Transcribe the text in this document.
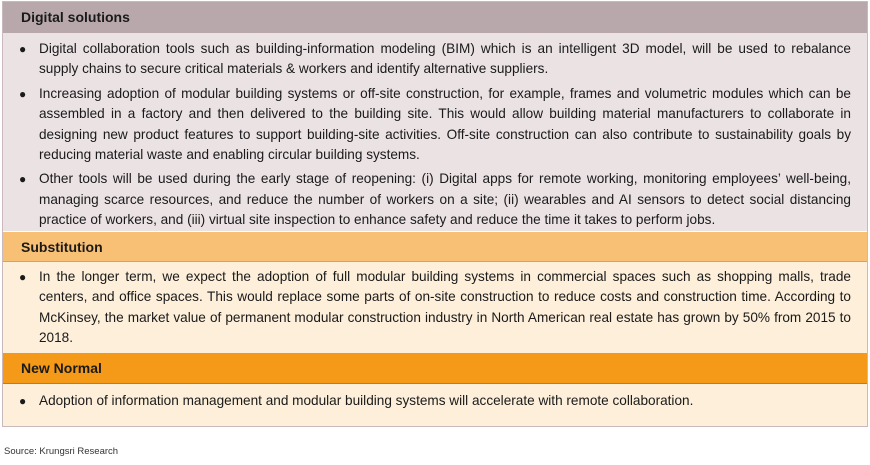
Digital solutions
● Digital collaboration tools such as building-information modeling (BIM) which is an intelligent 3D model, will be used to rebalance supply chains to secure critical materials & workers and identify alternative suppliers.
● Increasing adoption of modular building systems or off-site construction, for example, frames and volumetric modules which can be assembled in a factory and then delivered to the building site. This would allow building material manufacturers to collaborate in designing new product features to support building-site activities. Off-site construction can also contribute to sustainability goals by reducing material waste and enabling circular building systems.
● Other tools will be used during the early stage of reopening: (i) Digital apps for remote working, monitoring employees’ well-being, managing scarce resources, and reduce the number of workers on a site; (ii) wearables and AI sensors to detect social distancing practice of workers, and (iii) virtual site inspection to enhance safety and reduce the time it takes to perform jobs.
Substitution
● In the longer term, we expect the adoption of full modular building systems in commercial spaces such as shopping malls, trade centers, and office spaces. This would replace some parts of on-site construction to reduce costs and construction time. According to McKinsey, the market value of permanent modular construction industry in North American real estate has grown by 50% from 2015 to 2018.
New Normal
● Adoption of information management and modular building systems will accelerate with remote collaboration.
Source: Krungsri Research
